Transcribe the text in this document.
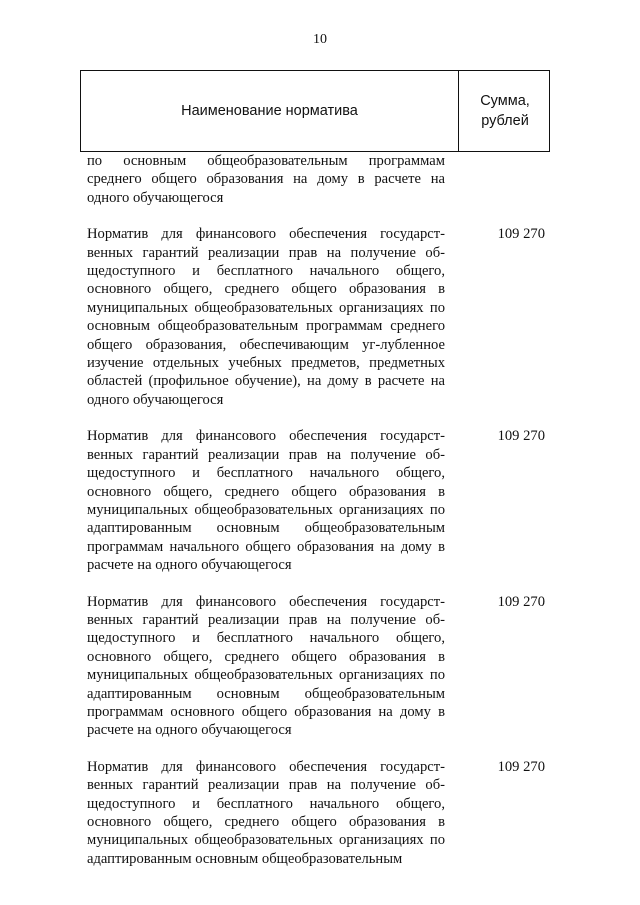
10
Наименование норматива
Сумма,
рублей
по основным общеобразовательным программам среднего общего образования на дому в расчете на одного обучающегося
Норматив для финансового обеспечения государст-венных гарантий реализации прав на получение об-щедоступного и бесплатного начального общего, основного общего, среднего общего образования в муниципальных общеобразовательных организациях по основным общеобразовательным программам среднего общего образования, обеспечивающим уг-лубленное изучение отдельных учебных предметов, предметных областей (профильное обучение), на дому в расчете на одного обучающегося
109 270
Норматив для финансового обеспечения государст-венных гарантий реализации прав на получение об-щедоступного и бесплатного начального общего, основного общего, среднего общего образования в муниципальных общеобразовательных организациях по адаптированным основным общеобразовательным программам начального общего образования на дому в расчете на одного обучающегося
109 270
Норматив для финансового обеспечения государст-венных гарантий реализации прав на получение об-щедоступного и бесплатного начального общего, основного общего, среднего общего образования в муниципальных общеобразовательных организациях по адаптированным основным общеобразовательным программам основного общего образования на дому в расчете на одного обучающегося
109 270
Норматив для финансового обеспечения государст-венных гарантий реализации прав на получение об-щедоступного и бесплатного начального общего, основного общего, среднего общего образования в муниципальных общеобразовательных организациях по адаптированным основным общеобразовательным
109 270
